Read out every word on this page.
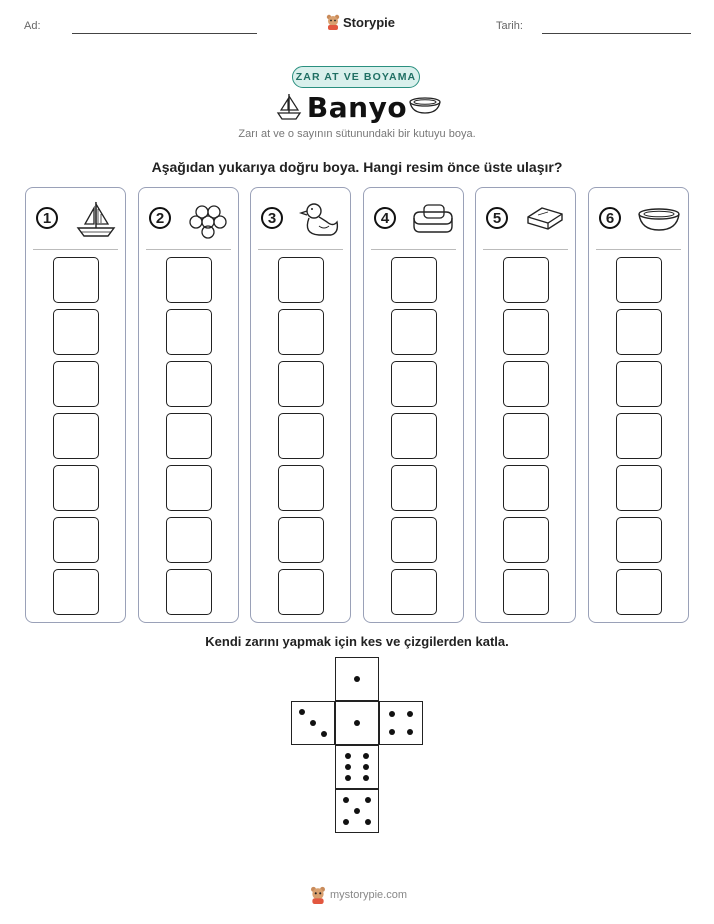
Ad:	Storypie	Tarih:
ZAR AT VE BOYAMA
Banyo
Zarı at ve o sayının sütunundaki bir kutuyu boya.
Aşağıdan yukarıya doğru boya. Hangi resim önce üste ulaşır?
1	2	3	4	5	6
Kendi zarını yapmak için kes ve çizgilerden katla.
mystorypie.com
